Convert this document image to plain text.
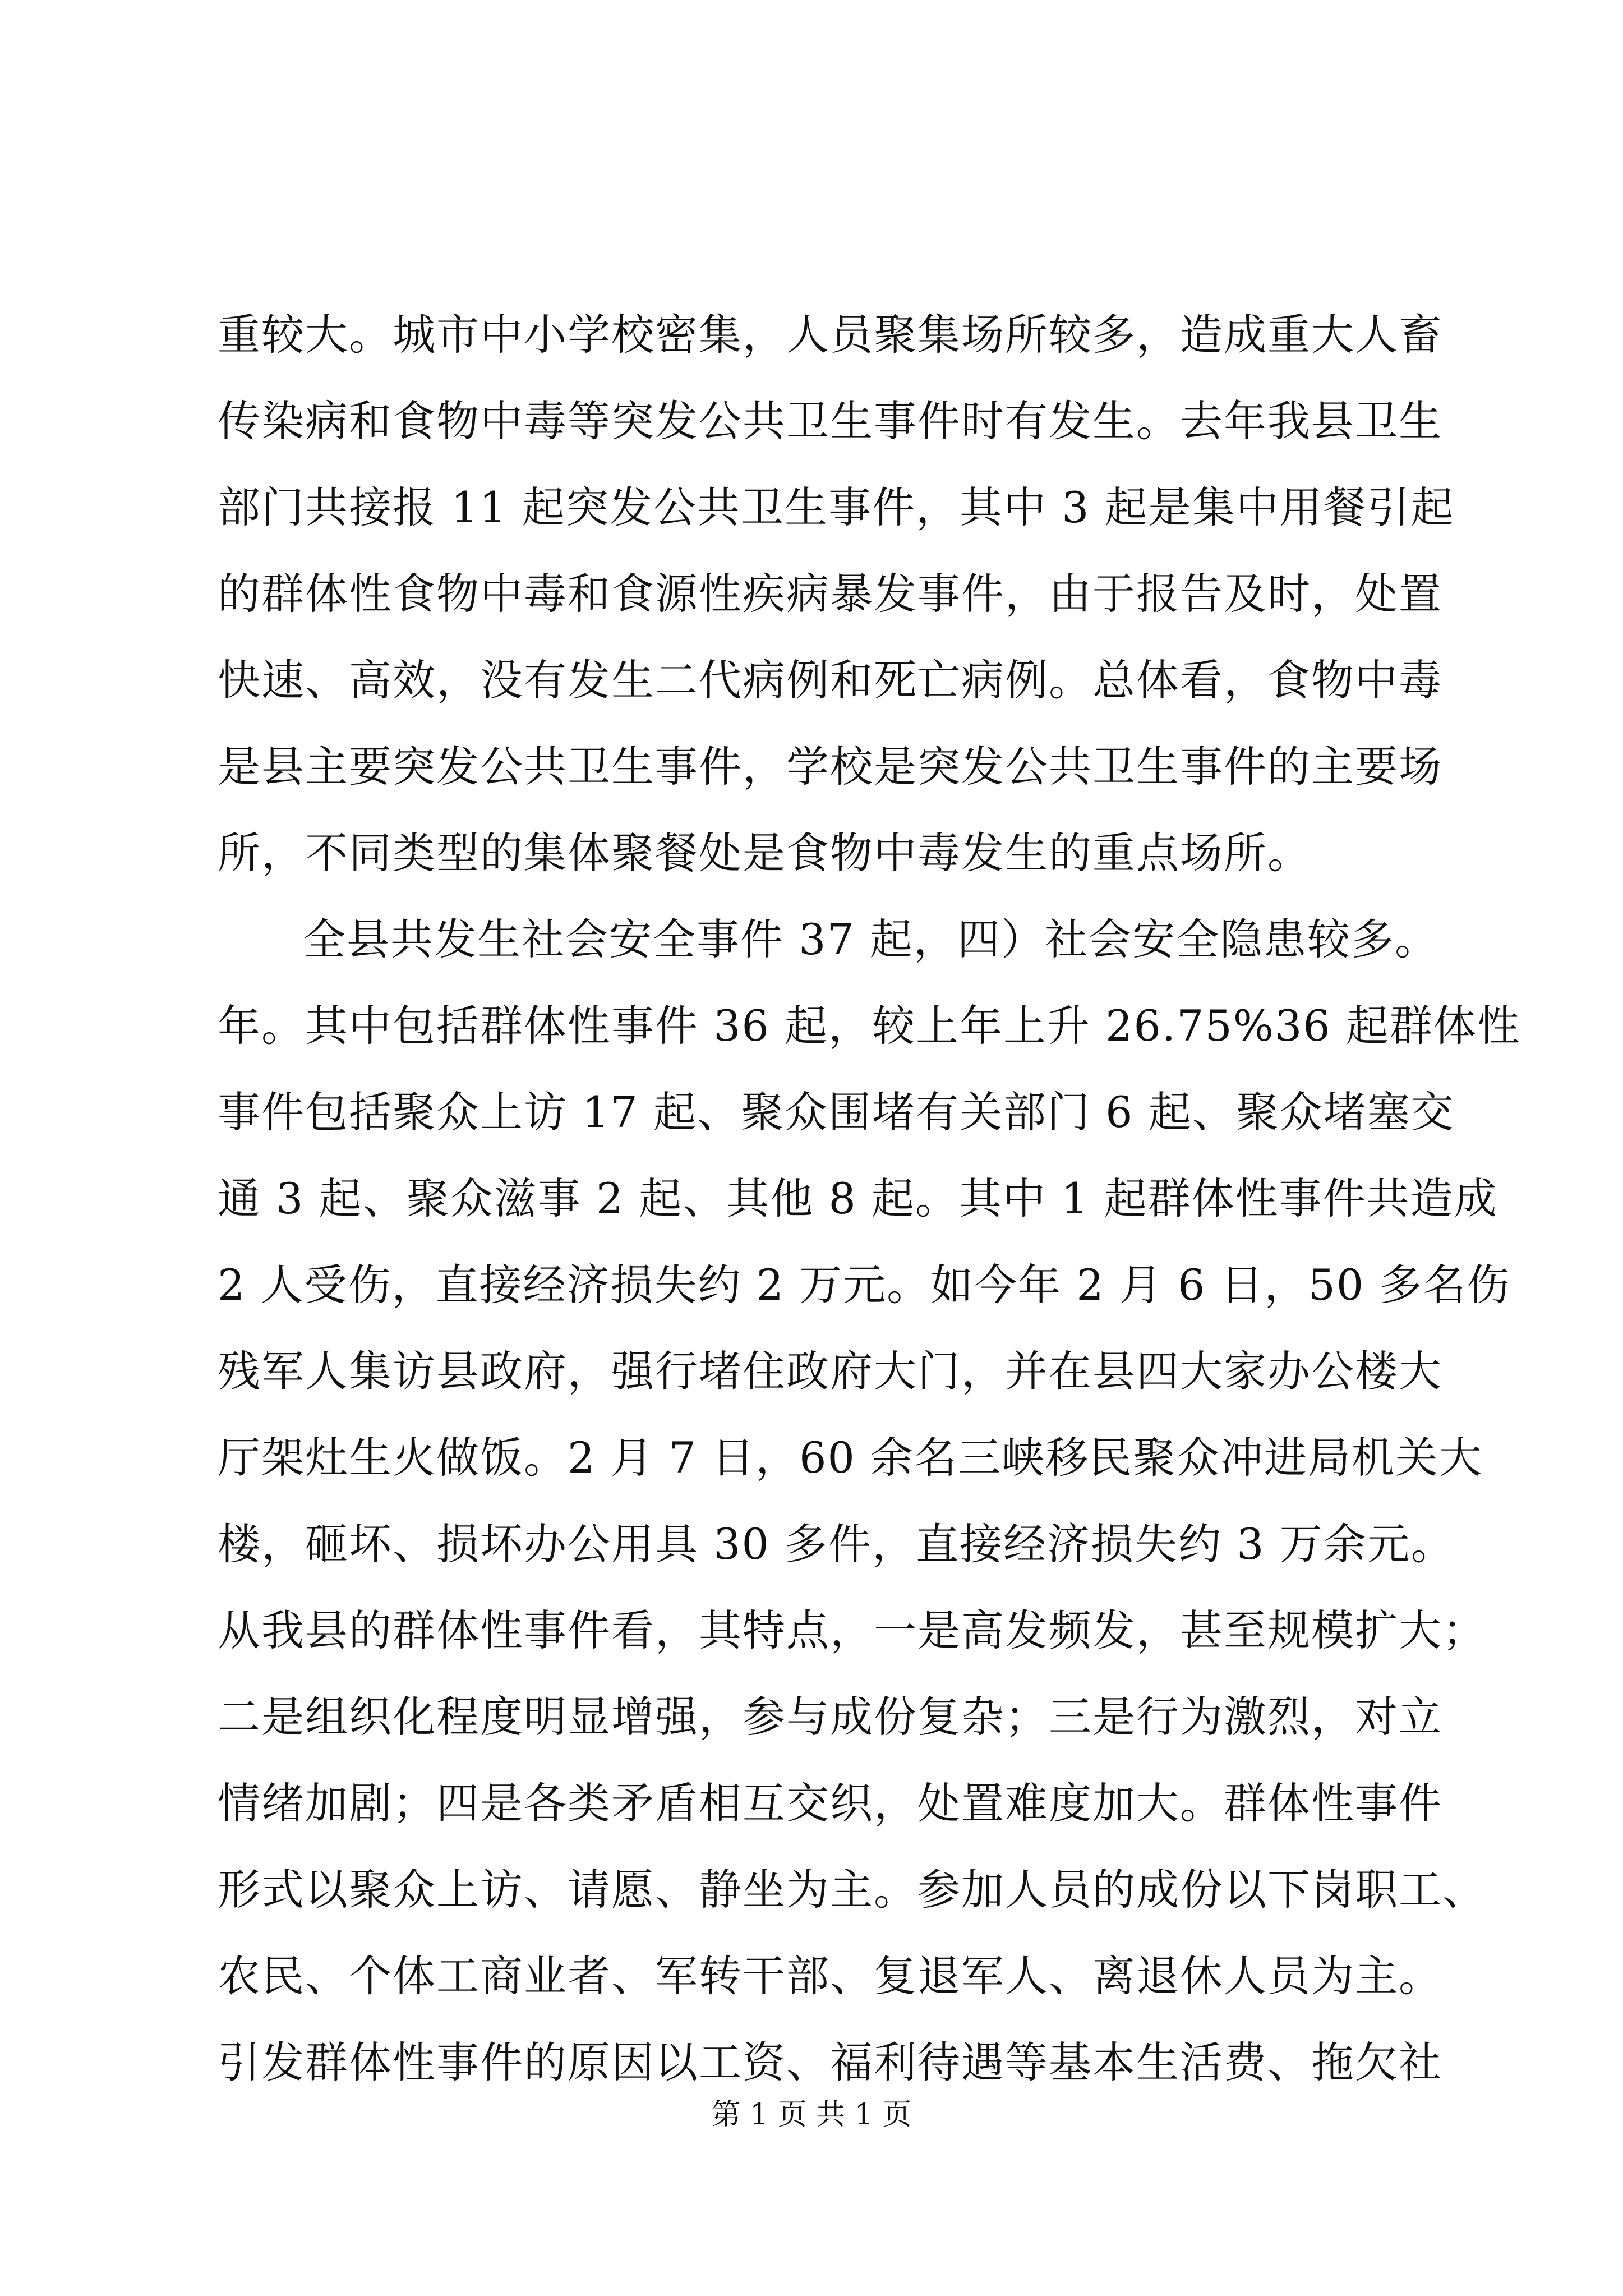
重较大。城市中小学校密集，人员聚集场所较多，造成重大人畜
传染病和食物中毒等突发公共卫生事件时有发生。去年我县卫生
部门共接报 11 起突发公共卫生事件，其中 3 起是集中用餐引起
的群体性食物中毒和食源性疾病暴发事件，由于报告及时，处置
快速、高效，没有发生二代病例和死亡病例。总体看，食物中毒
是县主要突发公共卫生事件，学校是突发公共卫生事件的主要场
所，不同类型的集体聚餐处是食物中毒发生的重点场所。
全县共发生社会安全事件 37 起，四）社会安全隐患较多。
年。其中包括群体性事件 36 起，较上年上升 26.75%36 起群体性
事件包括聚众上访 17 起、聚众围堵有关部门 6 起、聚众堵塞交
通 3 起、聚众滋事 2 起、其他 8 起。其中 1 起群体性事件共造成
2 人受伤，直接经济损失约 2 万元。如今年 2 月 6 日，50 多名伤
残军人集访县政府，强行堵住政府大门，并在县四大家办公楼大
厅架灶生火做饭。2 月 7 日，60 余名三峡移民聚众冲进局机关大
楼，砸坏、损坏办公用具 30 多件，直接经济损失约 3 万余元。
从我县的群体性事件看，其特点，一是高发频发，甚至规模扩大；
二是组织化程度明显增强，参与成份复杂；三是行为激烈，对立
情绪加剧；四是各类矛盾相互交织，处置难度加大。群体性事件
形式以聚众上访、请愿、静坐为主。参加人员的成份以下岗职工、
农民、个体工商业者、军转干部、复退军人、离退休人员为主。
引发群体性事件的原因以工资、福利待遇等基本生活费、拖欠社
第 1 页 共 1 页
